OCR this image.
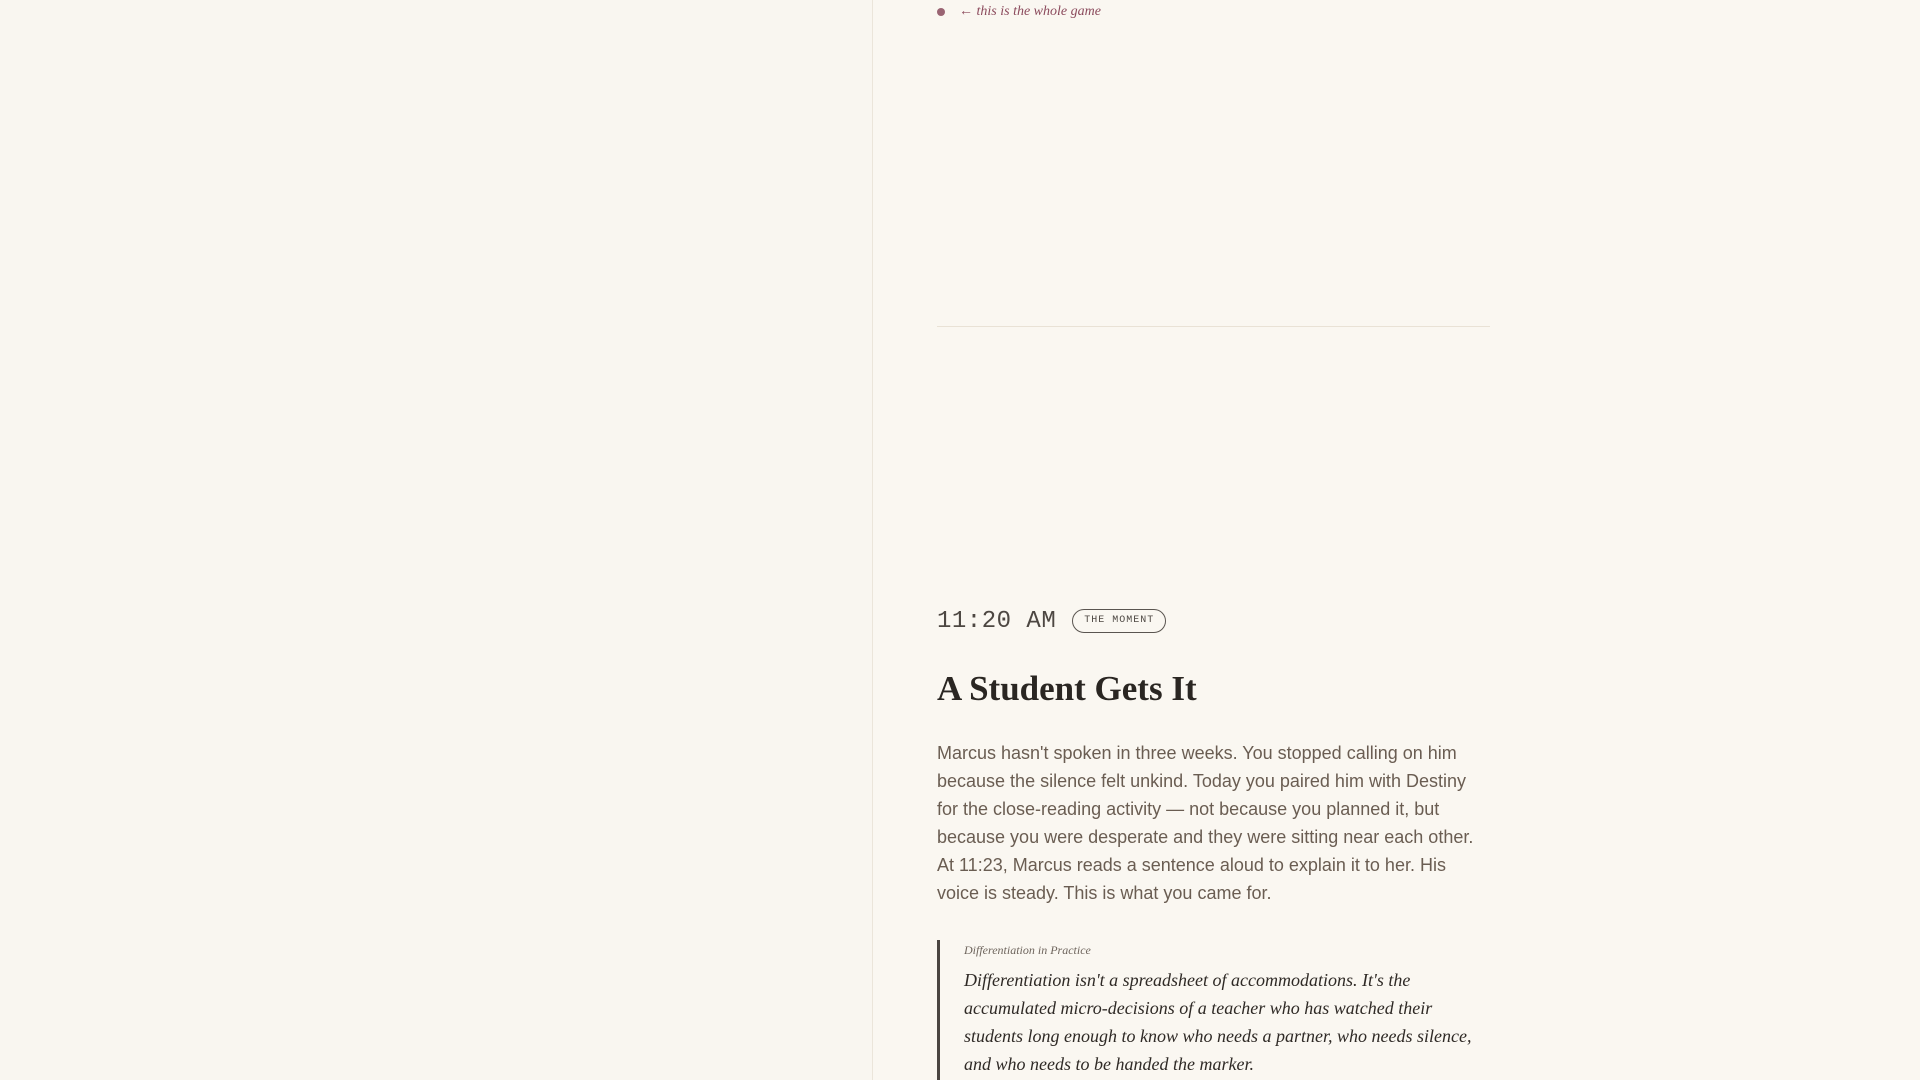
← this is the whole game
11:20 AM	THE MOMENT
A Student Gets It

Marcus hasn't spoken in three weeks. You stopped calling on him because the silence felt unkind. Today you paired him with Destiny for the close-reading activity — not because you planned it, but because you were desperate and they were sitting near each other. At 11:23, Marcus reads a sentence aloud to explain it to her. His voice is steady. This is what you came for.

Differentiation in Practice
Differentiation isn't a spreadsheet of accommodations. It's the accumulated micro-decisions of a teacher who has watched their students long enough to know who needs a partner, who needs silence, and who needs to be handed the marker.
